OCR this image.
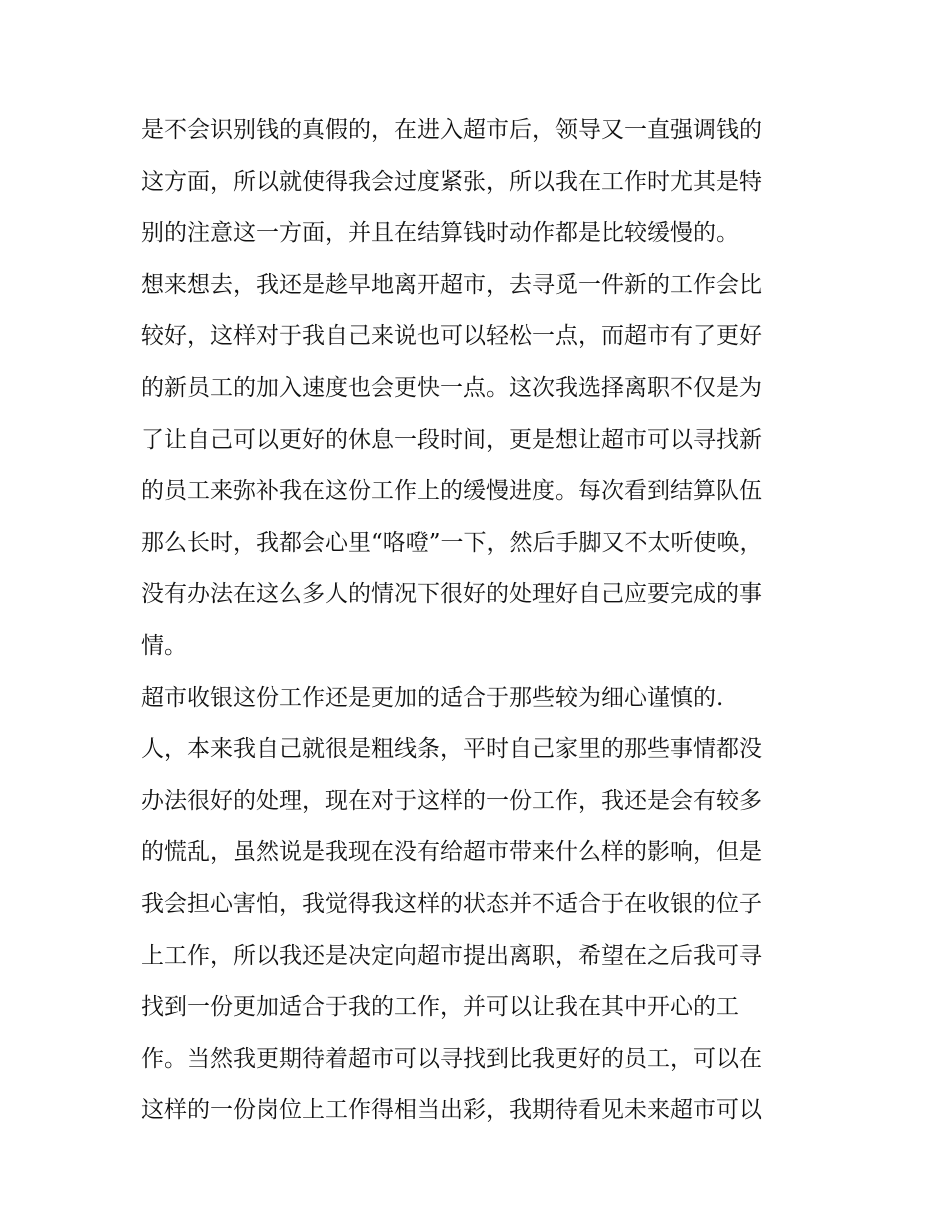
是不会识别钱的真假的，在进入超市后，领导又一直强调钱的

这方面，所以就使得我会过度紧张，所以我在工作时尤其是特

别的注意这一方面，并且在结算钱时动作都是比较缓慢的。

想来想去，我还是趁早地离开超市，去寻觅一件新的工作会比

较好，这样对于我自己来说也可以轻松一点，而超市有了更好

的新员工的加入速度也会更快一点。这次我选择离职不仅是为

了让自己可以更好的休息一段时间，更是想让超市可以寻找新

的员工来弥补我在这份工作上的缓慢进度。每次看到结算队伍

那么长时，我都会心里“咯噔”一下，然后手脚又不太听使唤，

没有办法在这么多人的情况下很好的处理好自己应要完成的事

情。

超市收银这份工作还是更加的适合于那些较为细心谨慎的.

人，本来我自己就很是粗线条，平时自己家里的那些事情都没

办法很好的处理，现在对于这样的一份工作，我还是会有较多

的慌乱，虽然说是我现在没有给超市带来什么样的影响，但是

我会担心害怕，我觉得我这样的状态并不适合于在收银的位子

上工作，所以我还是决定向超市提出离职，希望在之后我可寻

找到一份更加适合于我的工作，并可以让我在其中开心的工

作。当然我更期待着超市可以寻找到比我更好的员工，可以在

这样的一份岗位上工作得相当出彩，我期待看见未来超市可以
